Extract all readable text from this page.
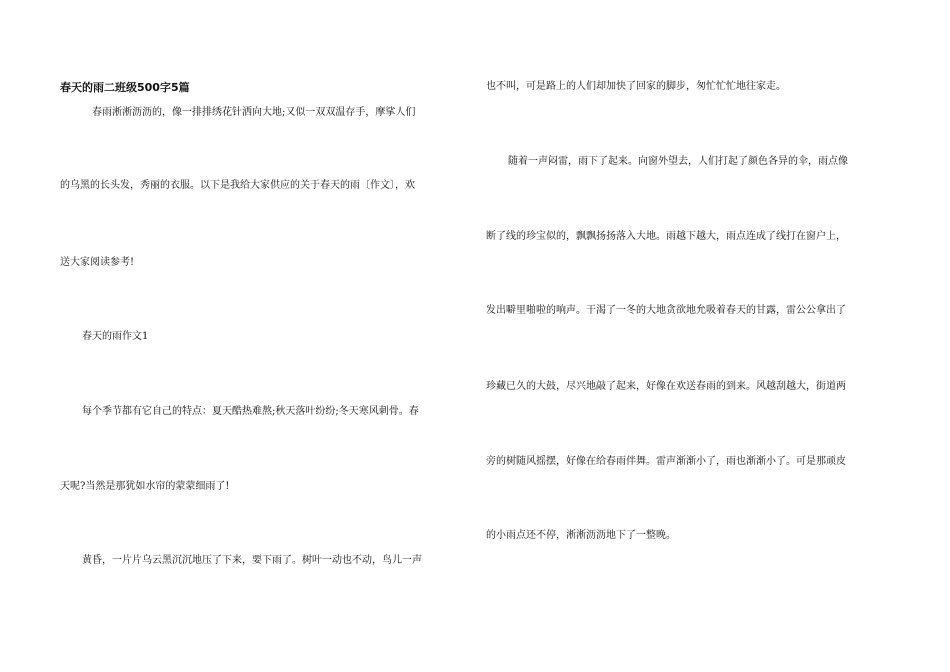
春天的雨二班级500字5篇
春雨淅淅沥沥的，像一排排绣花针洒向大地;又似一双双温存手，摩挲人们
的乌黑的长头发，秀丽的衣服。以下是我给大家供应的关于春天的雨〔作文〕，欢
送大家阅读参考!
春天的雨作文1
每个季节都有它自己的特点：夏天酷热难熬;秋天落叶纷纷;冬天寒风刺骨。春
天呢?当然是那犹如水帘的蒙蒙细雨了!
黄昏，一片片乌云黑沉沉地压了下来，要下雨了。树叶一动也不动，鸟儿一声
也不叫，可是路上的人们却加快了回家的脚步，匆忙忙忙地往家走。
随着一声闷雷，雨下了起来。向窗外望去，人们打起了颜色各异的伞，雨点像
断了线的珍宝似的，飘飘扬扬落入大地。雨越下越大，雨点连成了线打在窗户上，
发出噼里啪啦的响声。干渴了一冬的大地贪欲地允吸着春天的甘露，雷公公拿出了
珍藏已久的大鼓，尽兴地敲了起来，好像在欢送春雨的到来。风越刮越大，街道两
旁的树随风摇摆，好像在给春雨伴舞。雷声渐渐小了，雨也渐渐小了。可是那顽皮
的小雨点还不停，淅淅沥沥地下了一整晚。
